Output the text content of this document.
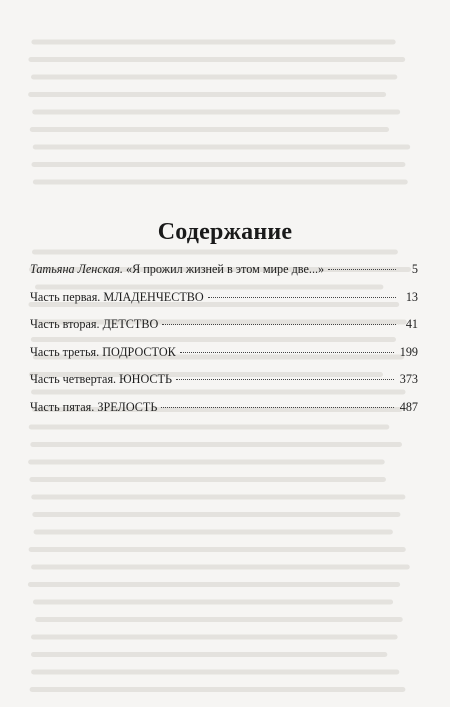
Содержание
Татьяна Ленская. «Я прожил жизней в этом мире две...»	5
Часть первая. МЛАДЕНЧЕСТВО	13
Часть вторая. ДЕТСТВО	41
Часть третья. ПОДРОСТОК	199
Часть четвертая. ЮНОСТЬ	373
Часть пятая. ЗРЕЛОСТЬ	487
